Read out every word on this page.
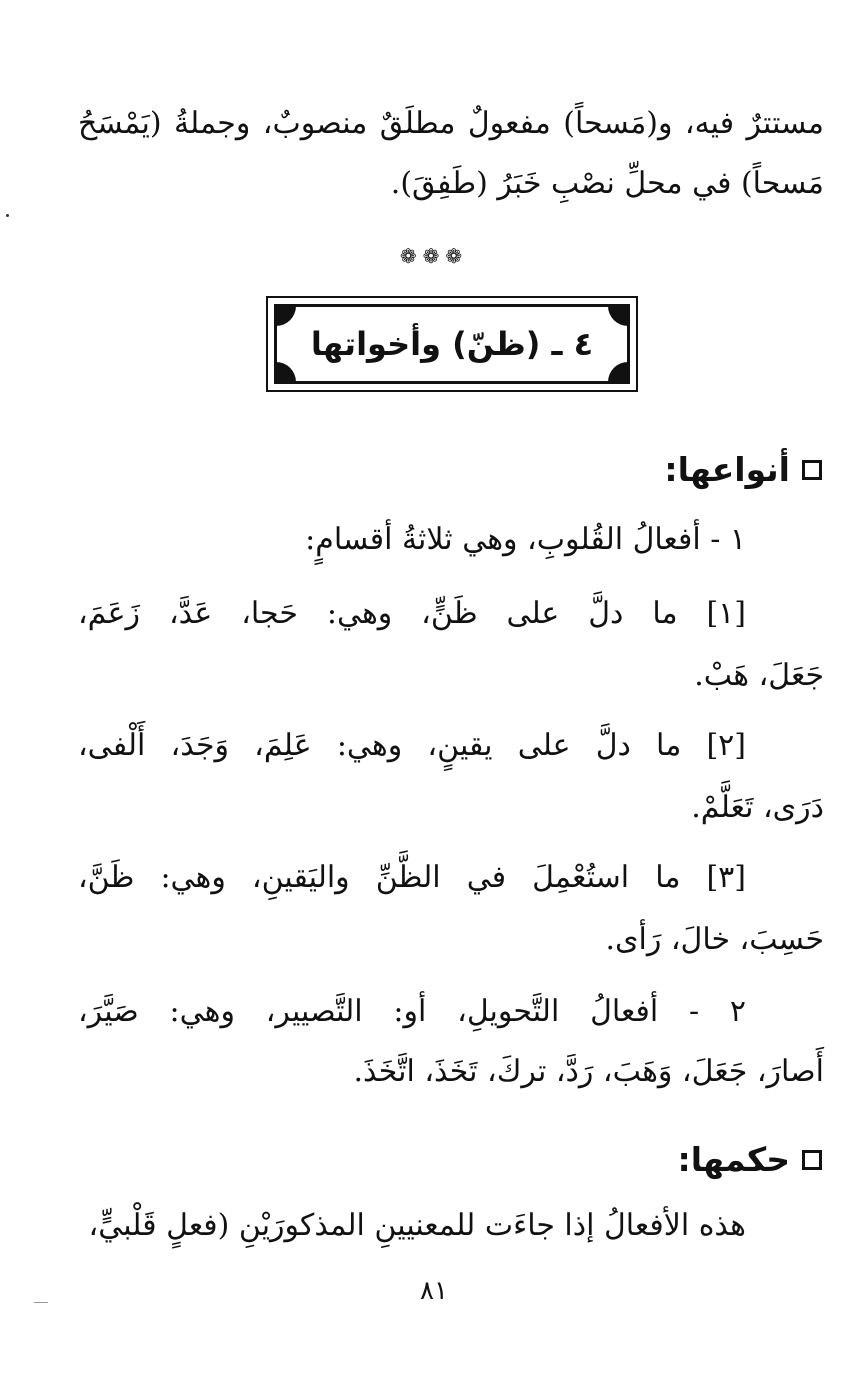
مستترٌ فيه، و(مَسحاً) مفعولٌ مطلَقٌ منصوبٌ، وجملةُ (يَمْسَحُ
مَسحاً) في محلِّ نصْبِ خَبَرُ (طَفِقَ).
❁❁❁
٤ ـ (ظنّ) وأخواتها
أنواعها:
١ - أفعالُ القُلوبِ، وهي ثلاثةُ أقسامٍ:
[١] ما دلَّ على ظَنٍّ، وهي: حَجا، عَدَّ، زَعَمَ،
جَعَلَ، هَبْ.
[٢] ما دلَّ على يقينٍ، وهي: عَلِمَ، وَجَدَ، أَلْفى،
دَرَى، تَعَلَّمْ.
[٣] ما استُعْمِلَ في الظَّنِّ واليَقينِ، وهي: ظَنَّ،
حَسِبَ، خالَ، رَأى.
٢ - أفعالُ التَّحويلِ، أو: التَّصيير، وهي: صَيَّرَ،
أَصارَ، جَعَلَ، وَهَبَ، رَدَّ، تركَ، تَخَذَ، اتَّخَذَ.
حكمها:
هذه الأفعالُ إذا جاءَت للمعنيينِ المذكورَيْنِ (فعلٍ قَلْبيٍّ،
٨١
